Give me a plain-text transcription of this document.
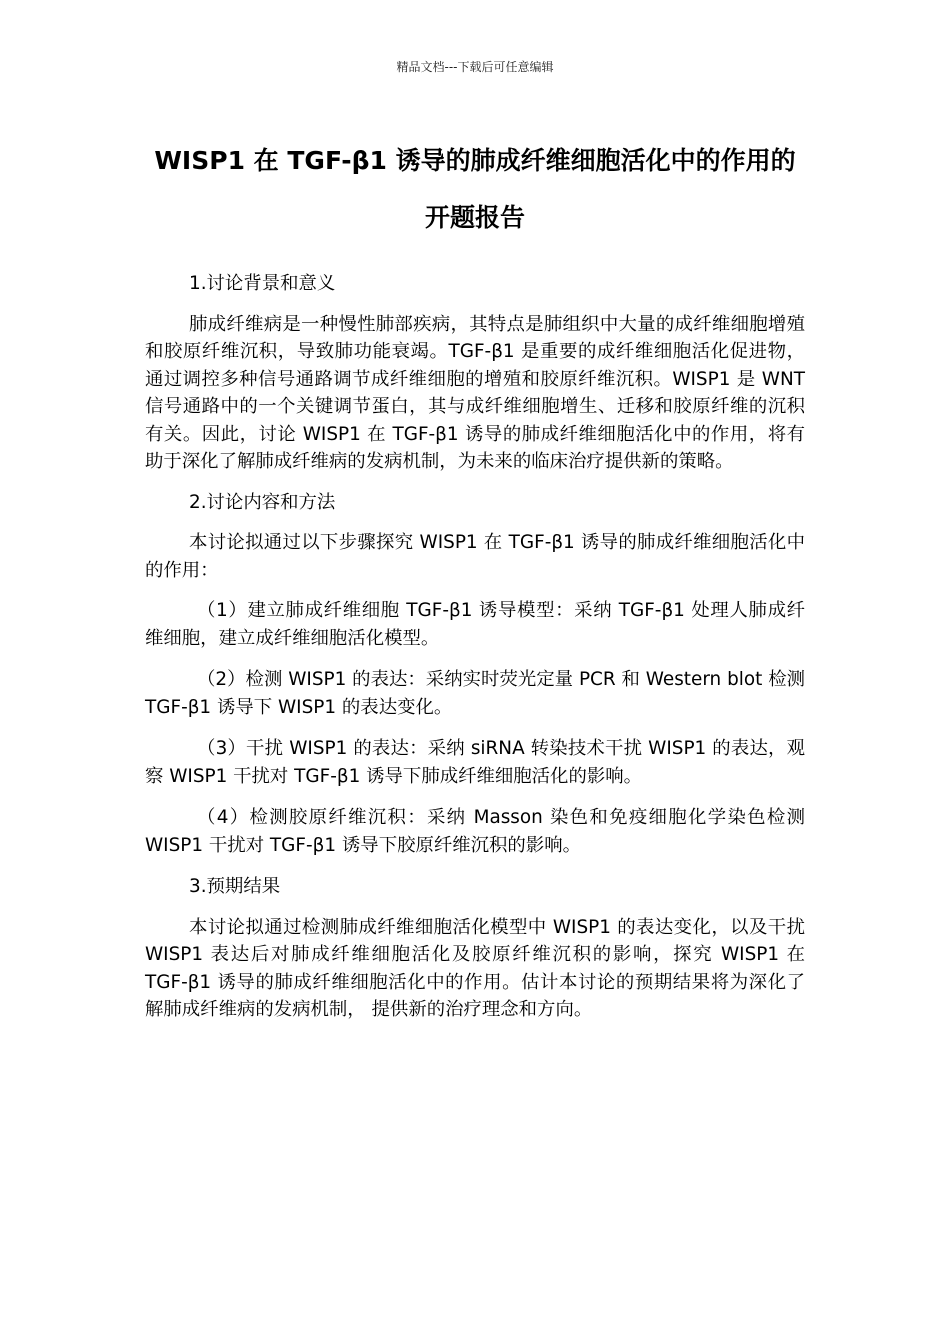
精品文档---下载后可任意编辑
WISP1 在 TGF-β1 诱导的肺成纤维细胞活化中的作用的开题报告

1.讨论背景和意义

肺成纤维病是一种慢性肺部疾病，其特点是肺组织中大量的成纤维细胞增殖和胶原纤维沉积，导致肺功能衰竭。TGF-β1 是重要的成纤维细胞活化促进物，通过调控多种信号通路调节成纤维细胞的增殖和胶原纤维沉积。WISP1 是 WNT 信号通路中的一个关键调节蛋白，其与成纤维细胞增生、迁移和胶原纤维的沉积有关。因此，讨论 WISP1 在 TGF-β1 诱导的肺成纤维细胞活化中的作用，将有助于深化了解肺成纤维病的发病机制，为未来的临床治疗提供新的策略。

2.讨论内容和方法

本讨论拟通过以下步骤探究 WISP1 在 TGF-β1 诱导的肺成纤维细胞活化中的作用：

（1）建立肺成纤维细胞 TGF-β1 诱导模型：采纳 TGF-β1 处理人肺成纤维细胞，建立成纤维细胞活化模型。

（2）检测 WISP1 的表达：采纳实时荧光定量 PCR 和 Western blot 检测 TGF-β1 诱导下 WISP1 的表达变化。

（3）干扰 WISP1 的表达：采纳 siRNA 转染技术干扰 WISP1 的表达，观察 WISP1 干扰对 TGF-β1 诱导下肺成纤维细胞活化的影响。

（4）检测胶原纤维沉积：采纳 Masson 染色和免疫细胞化学染色检测 WISP1 干扰对 TGF-β1 诱导下胶原纤维沉积的影响。

3.预期结果

本讨论拟通过检测肺成纤维细胞活化模型中 WISP1 的表达变化，以及干扰 WISP1 表达后对肺成纤维细胞活化及胶原纤维沉积的影响，探究 WISP1 在 TGF-β1 诱导的肺成纤维细胞活化中的作用。估计本讨论的预期结果将为深化了解肺成纤维病的发病机制， 提供新的治疗理念和方向。
